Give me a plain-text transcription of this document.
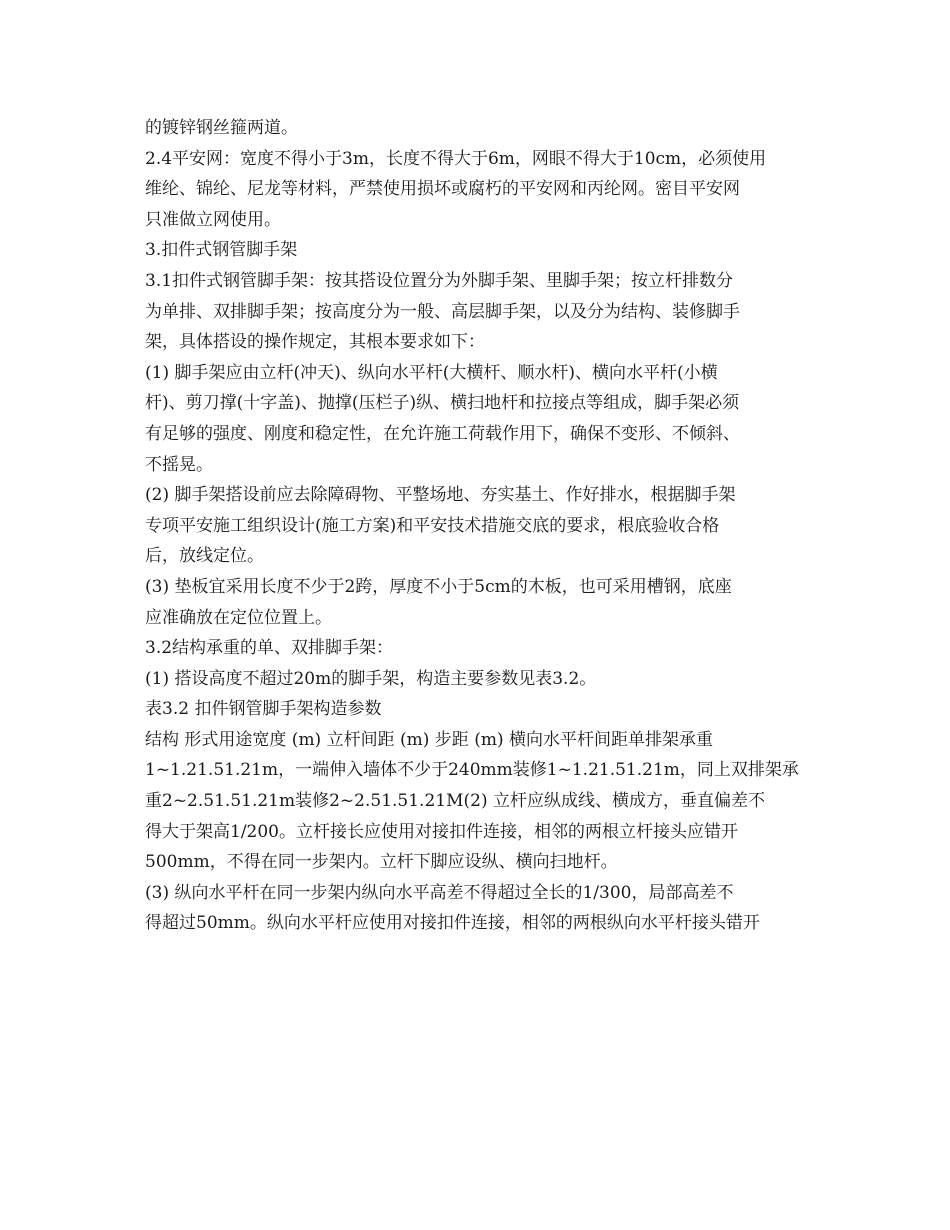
的镀锌钢丝箍两道。
2.4平安网：宽度不得小于3m，长度不得大于6m，网眼不得大于10cm，必须使用
维纶、锦纶、尼龙等材料，严禁使用损坏或腐朽的平安网和丙纶网。密目平安网
只准做立网使用。
3.扣件式钢管脚手架
3.1扣件式钢管脚手架：按其搭设位置分为外脚手架、里脚手架；按立杆排数分
为单排、双排脚手架；按高度分为一般、高层脚手架，以及分为结构、装修脚手
架，具体搭设的操作规定，其根本要求如下：
(1) 脚手架应由立杆(冲天)、纵向水平杆(大横杆、顺水杆)、横向水平杆(小横
杆)、剪刀撑(十字盖)、抛撑(压栏子)纵、横扫地杆和拉接点等组成，脚手架必须
有足够的强度、刚度和稳定性，在允许施工荷载作用下，确保不变形、不倾斜、
不摇晃。
(2) 脚手架搭设前应去除障碍物、平整场地、夯实基土、作好排水，根据脚手架
专项平安施工组织设计(施工方案)和平安技术措施交底的要求，根底验收合格
后，放线定位。
(3) 垫板宜采用长度不少于2跨，厚度不小于5cm的木板，也可采用槽钢，底座
应准确放在定位位置上。
3.2结构承重的单、双排脚手架：
(1) 搭设高度不超过20m的脚手架，构造主要参数见表3.2。
表3.2 扣件钢管脚手架构造参数
结构 形式用途宽度 (m) 立杆间距 (m) 步距 (m) 横向水平杆间距单排架承重
1~1.21.51.21m，一端伸入墙体不少于240mm装修1~1.21.51.21m，同上双排架承
重2~2.51.51.21m装修2~2.51.51.21M(2) 立杆应纵成线、横成方，垂直偏差不
得大于架高1/200。立杆接长应使用对接扣件连接，相邻的两根立杆接头应错开
500mm，不得在同一步架内。立杆下脚应设纵、横向扫地杆。
(3) 纵向水平杆在同一步架内纵向水平高差不得超过全长的1/300，局部高差不
得超过50mm。纵向水平杆应使用对接扣件连接，相邻的两根纵向水平杆接头错开
